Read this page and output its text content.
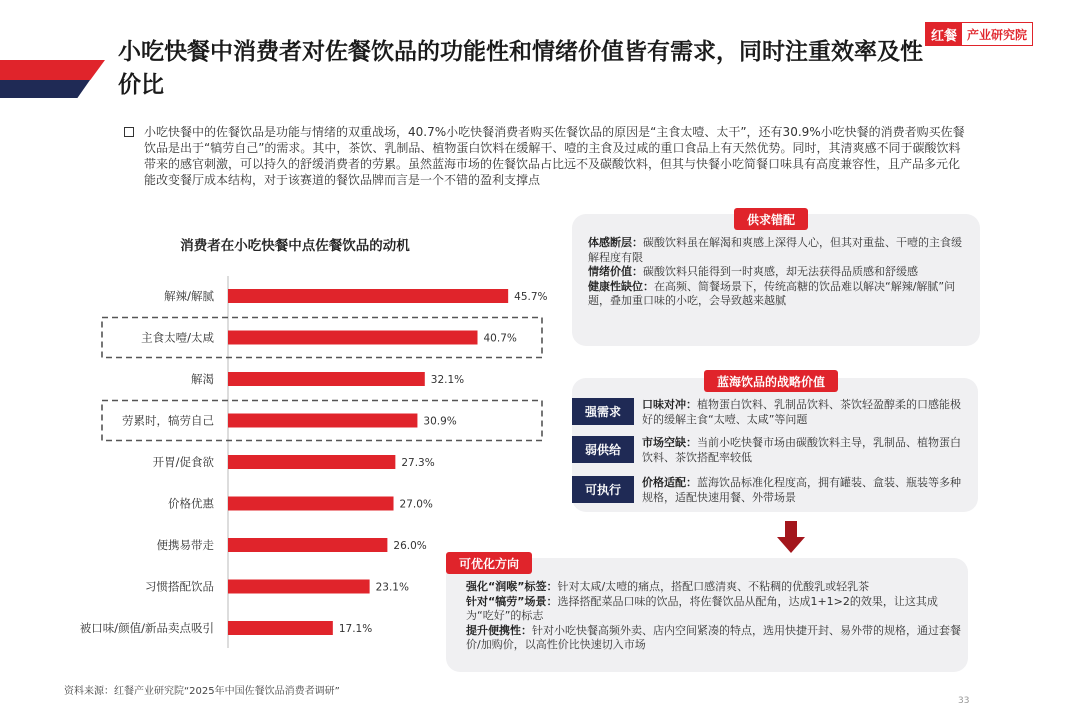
小吃快餐中消费者对佐餐饮品的功能性和情绪价值皆有需求，同时注重效率及性价比
红餐 产业研究院

小吃快餐中的佐餐饮品是功能与情绪的双重战场，40.7%小吃快餐消费者购买佐餐饮品的原因是“主食太噎、太干”，还有30.9%小吃快餐的消费者购买佐餐饮品是出于“犒劳自己”的需求。其中，茶饮、乳制品、植物蛋白饮料在缓解干、噎的主食及过咸的重口食品上有天然优势。同时，其清爽感不同于碳酸饮料带来的感官刺激，可以持久的舒缓消费者的劳累。虽然蓝海市场的佐餐饮品占比远不及碳酸饮料，但其与快餐小吃简餐口味具有高度兼容性，且产品多元化能改变餐厅成本结构，对于该赛道的餐饮品牌而言是一个不错的盈利支撑点

消费者在小吃快餐中点佐餐饮品的动机
解辣/解腻	45.7%
主食太噎/太咸	40.7%
解渴	32.1%
劳累时，犒劳自己	30.9%
开胃/促食欲	27.3%
价格优惠	27.0%
便携易带走	26.0%
习惯搭配饮品	23.1%
被口味/颜值/新品卖点吸引	17.1%
供求错配

体感断层：碳酸饮料虽在解渴和爽感上深得人心，但其对重盐、干噎的主食缓解程度有限

情绪价值：碳酸饮料只能得到一时爽感，却无法获得品质感和舒缓感

健康性缺位：在高频、简餐场景下，传统高糖的饮品难以解决“解辣/解腻”问题，叠加重口味的小吃，会导致越来越腻

蓝海饮品的战略价值
强需求
口味对冲：植物蛋白饮料、乳制品饮料、茶饮轻盈醇柔的口感能极好的缓解主食“太噎、太咸”等问题
弱供给
市场空缺：当前小吃快餐市场由碳酸饮料主导，乳制品、植物蛋白饮料、茶饮搭配率较低
可执行
价格适配：蓝海饮品标准化程度高，拥有罐装、盒装、瓶装等多种规格，适配快速用餐、外带场景
可优化方向

强化“润喉”标签：针对太咸/太噎的痛点，搭配口感清爽、不粘稠的优酸乳或轻乳茶

针对“犒劳”场景：选择搭配菜品口味的饮品，将佐餐饮品从配角，达成1+1>2的效果，让这其成为“吃好”的标志

提升便携性：针对小吃快餐高频外卖、店内空间紧凑的特点，选用快捷开封、易外带的规格，通过套餐价/加购价，以高性价比快速切入市场

资料来源：红餐产业研究院“2025年中国佐餐饮品消费者调研”
33
